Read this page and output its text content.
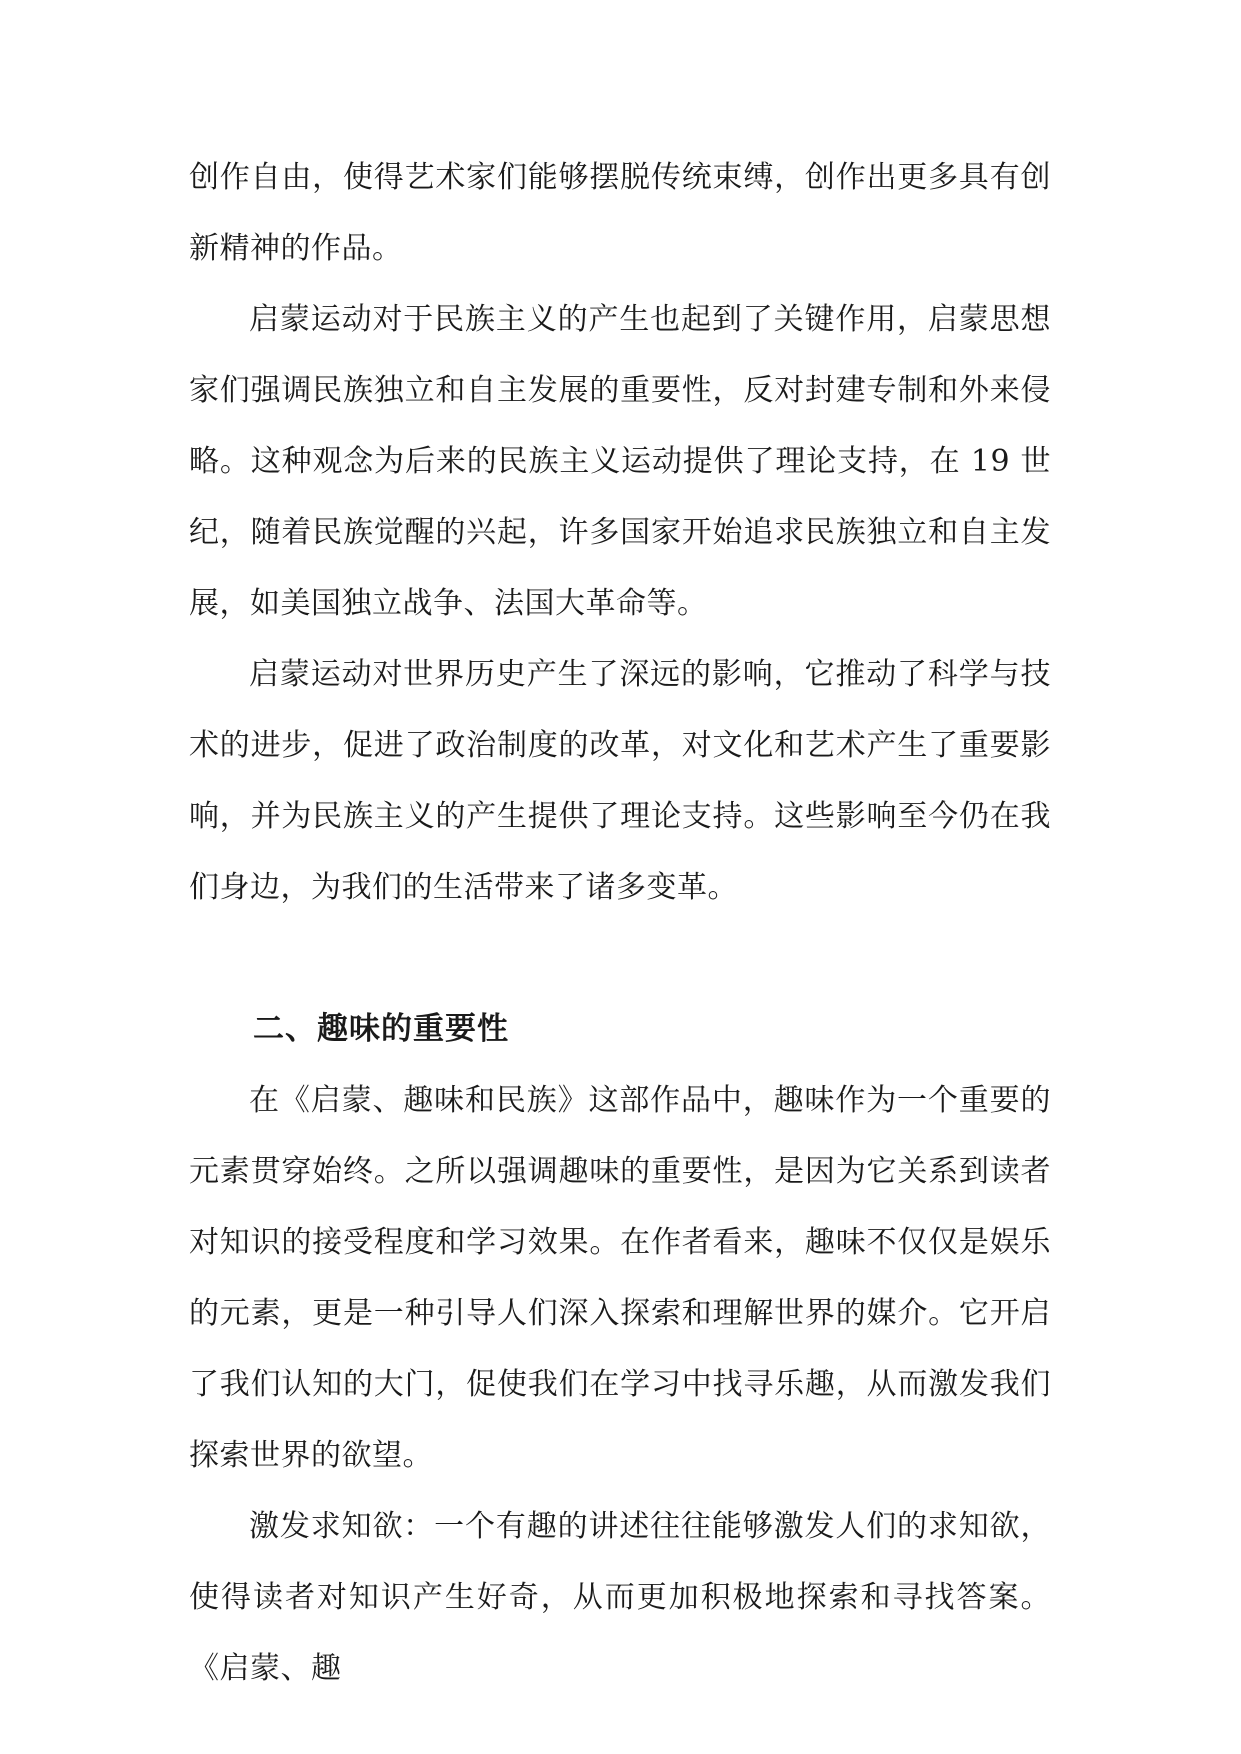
创作自由，使得艺术家们能够摆脱传统束缚，创作出更多具有创新精神的作品。

启蒙运动对于民族主义的产生也起到了关键作用，启蒙思想家们强调民族独立和自主发展的重要性，反对封建专制和外来侵略。这种观念为后来的民族主义运动提供了理论支持，在 19 世纪，随着民族觉醒的兴起，许多国家开始追求民族独立和自主发展，如美国独立战争、法国大革命等。

启蒙运动对世界历史产生了深远的影响，它推动了科学与技术的进步，促进了政治制度的改革，对文化和艺术产生了重要影响，并为民族主义的产生提供了理论支持。这些影响至今仍在我们身边，为我们的生活带来了诸多变革。

二、趣味的重要性

在《启蒙、趣味和民族》这部作品中，趣味作为一个重要的元素贯穿始终。之所以强调趣味的重要性，是因为它关系到读者对知识的接受程度和学习效果。在作者看来，趣味不仅仅是娱乐的元素，更是一种引导人们深入探索和理解世界的媒介。它开启了我们认知的大门，促使我们在学习中找寻乐趣，从而激发我们探索世界的欲望。

激发求知欲：一个有趣的讲述往往能够激发人们的求知欲，使得读者对知识产生好奇，从而更加积极地探索和寻找答案。《启蒙、趣
